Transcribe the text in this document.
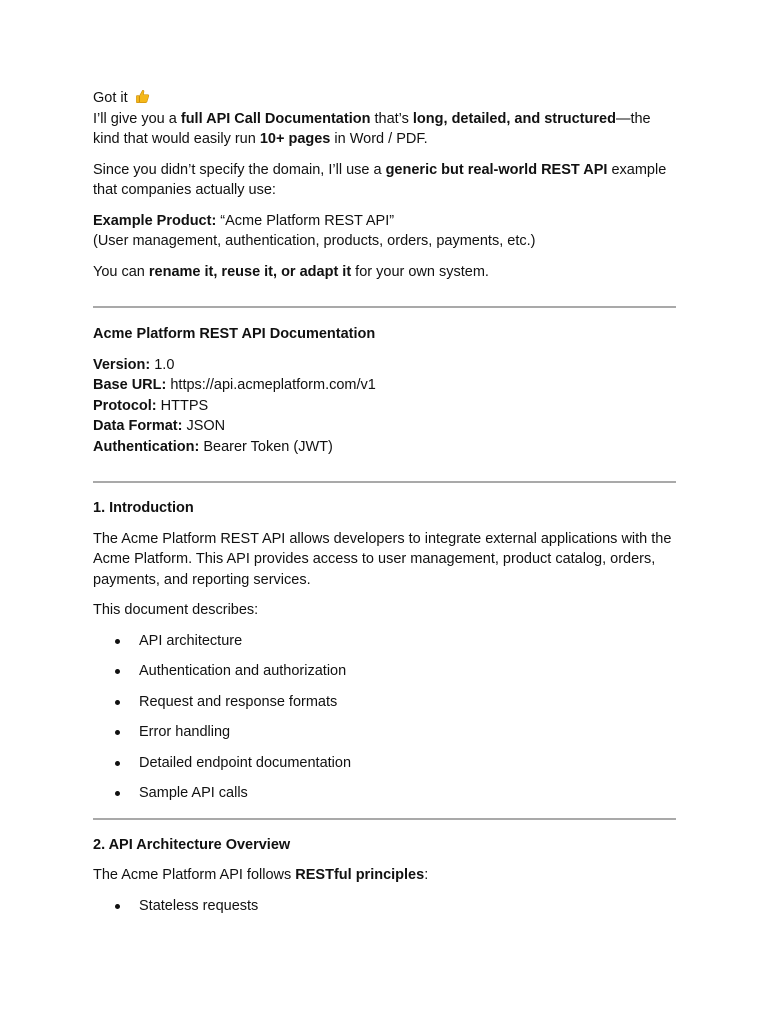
Got it

I’ll give you a full API Call Documentation that’s long, detailed, and structured—the kind that would easily run 10+ pages in Word / PDF.

Since you didn’t specify the domain, I’ll use a generic but real-world REST API example that companies actually use:

Example Product: “Acme Platform REST API”
(User management, authentication, products, orders, payments, etc.)

You can rename it, reuse it, or adapt it for your own system.

Acme Platform REST API Documentation

Version: 1.0

Base URL: https://api.acmeplatform.com/v1

Protocol: HTTPS

Data Format: JSON

Authentication: Bearer Token (JWT)

1. Introduction

The Acme Platform REST API allows developers to integrate external applications with the Acme Platform. This API provides access to user management, product catalog, orders, payments, and reporting services.

This document describes:

API architecture
Authentication and authorization
Request and response formats
Error handling
Detailed endpoint documentation
Sample API calls
2. API Architecture Overview

The Acme Platform API follows RESTful principles:

Stateless requests
